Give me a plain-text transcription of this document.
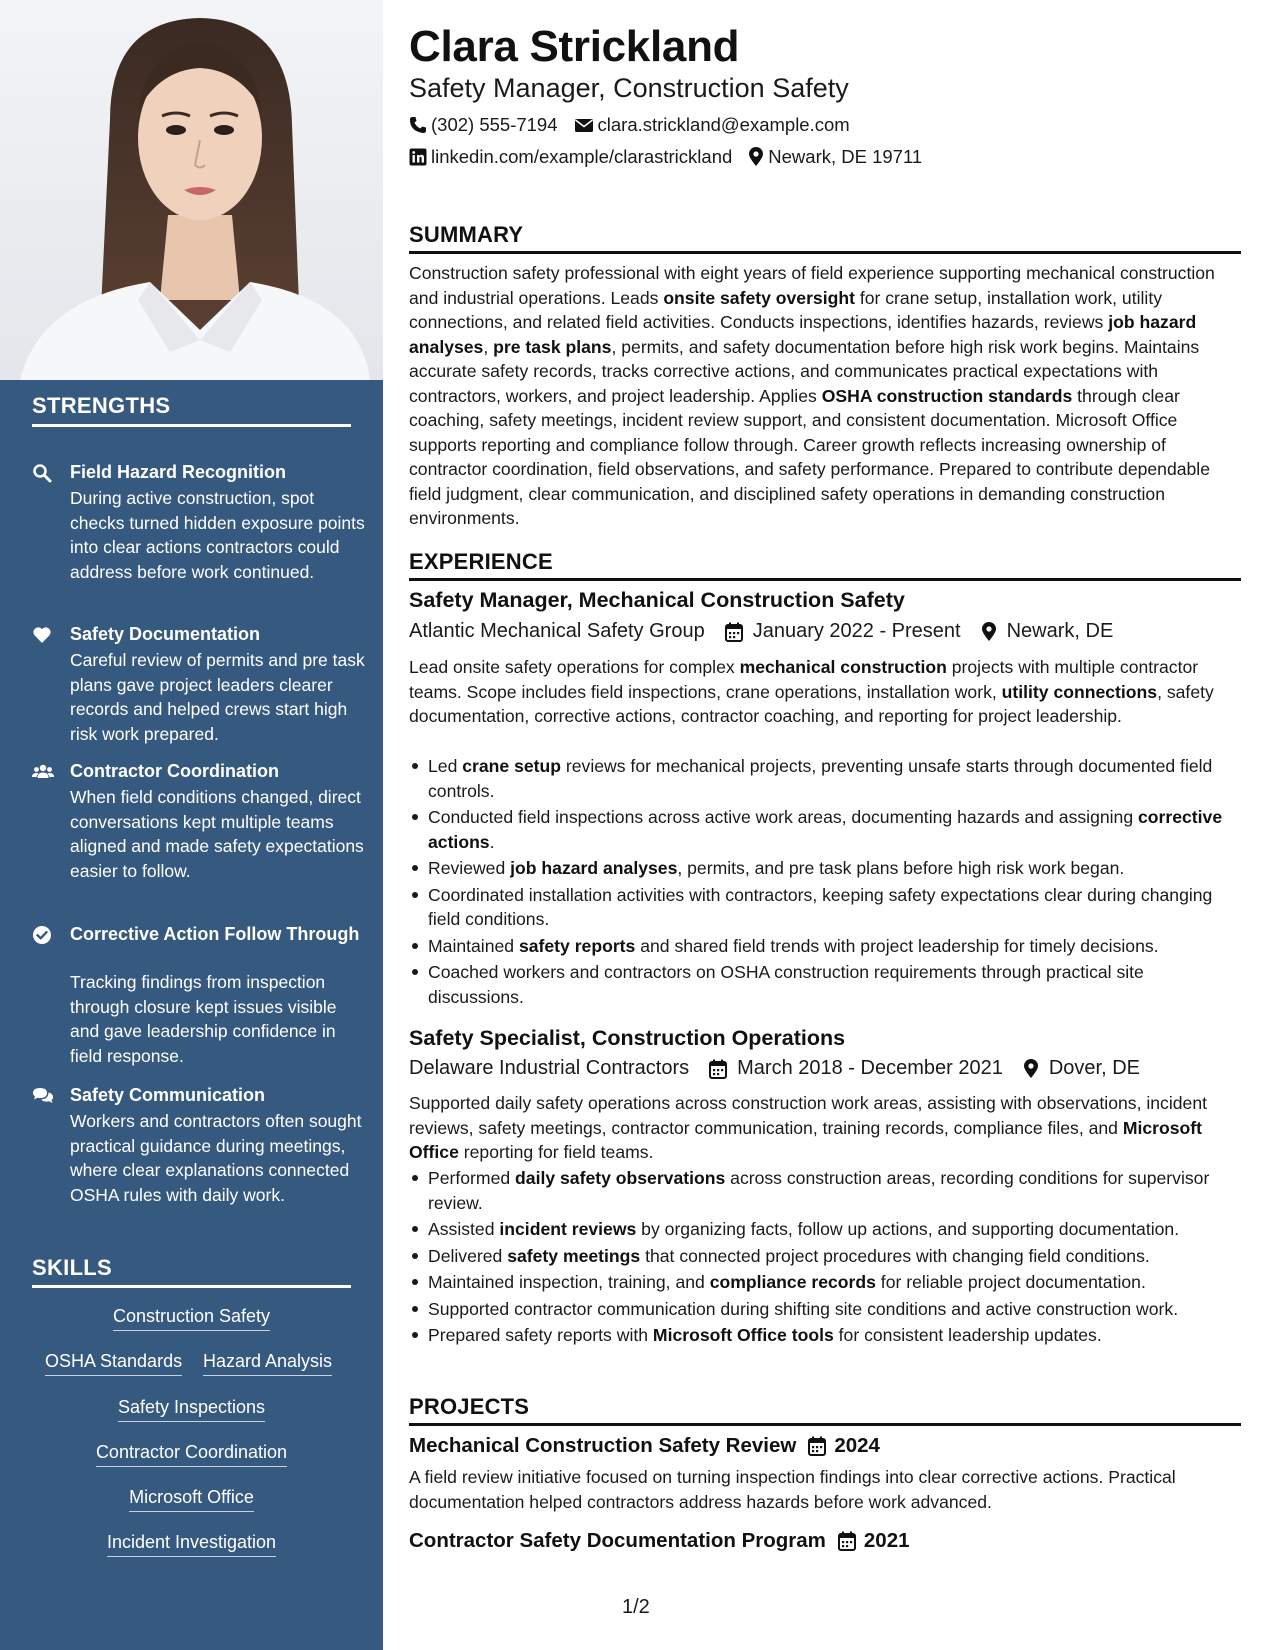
STRENGTHS
Field Hazard Recognition
During active construction, spot checks turned hidden exposure points into clear actions contractors could address before work continued.
Safety Documentation
Careful review of permits and pre task plans gave project leaders clearer records and helped crews start high risk work prepared.
Contractor Coordination
When field conditions changed, direct conversations kept multiple teams aligned and made safety expectations easier to follow.
Corrective Action Follow Through
Tracking findings from inspection through closure kept issues visible and gave leadership confidence in field response.
Safety Communication
Workers and contractors often sought practical guidance during meetings, where clear explanations connected OSHA rules with daily work.
SKILLS
Construction Safety
OSHA Standards Hazard Analysis
Safety Inspections
Contractor Coordination
Microsoft Office
Incident Investigation
Clara Strickland
Safety Manager, Construction Safety
(302) 555-7194 clara.strickland@example.com
linkedin.com/example/clarastrickland Newark, DE 19711
SUMMARY
Construction safety professional with eight years of field experience supporting mechanical construction and industrial operations. Leads onsite safety oversight for crane setup, installation work, utility connections, and related field activities. Conducts inspections, identifies hazards, reviews job hazard analyses, pre task plans, permits, and safety documentation before high risk work begins. Maintains accurate safety records, tracks corrective actions, and communicates practical expectations with contractors, workers, and project leadership. Applies OSHA construction standards through clear coaching, safety meetings, incident review support, and consistent documentation. Microsoft Office supports reporting and compliance follow through. Career growth reflects increasing ownership of contractor coordination, field observations, and safety performance. Prepared to contribute dependable field judgment, clear communication, and disciplined safety operations in demanding construction environments.
EXPERIENCE
Safety Manager, Mechanical Construction Safety
Atlantic Mechanical Safety Group January 2022 - Present Newark, DE
Lead onsite safety operations for complex mechanical construction projects with multiple contractor teams. Scope includes field inspections, crane operations, installation work, utility connections, safety documentation, corrective actions, contractor coaching, and reporting for project leadership.
Led crane setup reviews for mechanical projects, preventing unsafe starts through documented field controls.
Conducted field inspections across active work areas, documenting hazards and assigning corrective actions.
Reviewed job hazard analyses, permits, and pre task plans before high risk work began.
Coordinated installation activities with contractors, keeping safety expectations clear during changing field conditions.
Maintained safety reports and shared field trends with project leadership for timely decisions.
Coached workers and contractors on OSHA construction requirements through practical site discussions.
Safety Specialist, Construction Operations
Delaware Industrial Contractors March 2018 - December 2021 Dover, DE
Supported daily safety operations across construction work areas, assisting with observations, incident reviews, safety meetings, contractor communication, training records, compliance files, and Microsoft Office reporting for field teams.
Performed daily safety observations across construction areas, recording conditions for supervisor review.
Assisted incident reviews by organizing facts, follow up actions, and supporting documentation.
Delivered safety meetings that connected project procedures with changing field conditions.
Maintained inspection, training, and compliance records for reliable project documentation.
Supported contractor communication during shifting site conditions and active construction work.
Prepared safety reports with Microsoft Office tools for consistent leadership updates.
PROJECTS
Mechanical Construction Safety Review 2024
A field review initiative focused on turning inspection findings into clear corrective actions. Practical documentation helped contractors address hazards before work advanced.
Contractor Safety Documentation Program 2021
1/2
